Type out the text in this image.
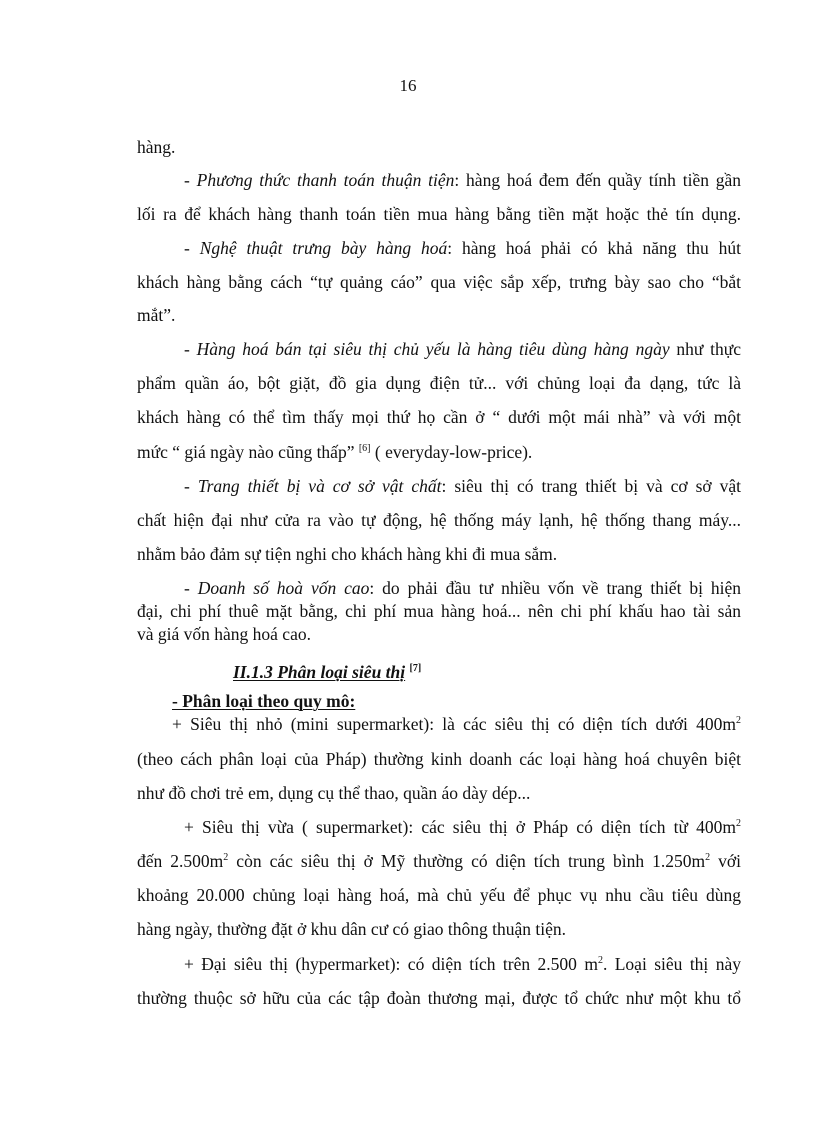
16
hàng.
- Phương thức thanh toán thuận tiện: hàng hoá đem đến quầy tính tiền gần
lối ra để khách hàng thanh toán tiền mua hàng bằng tiền mặt hoặc thẻ tín dụng.
- Nghệ thuật trưng bày hàng hoá: hàng hoá phải có khả năng thu hút
khách hàng bằng cách “tự quảng cáo” qua việc sắp xếp, trưng bày sao cho “bắt
mắt”.
- Hàng hoá bán tại siêu thị chủ yếu là hàng tiêu dùng hàng ngày như thực
phẩm quần áo, bột giặt, đồ gia dụng điện tử... với chủng loại đa dạng, tức là
khách hàng có thể tìm thấy mọi thứ họ cần ở “ dưới một mái nhà” và với một
mức “ giá ngày nào cũng thấp” [6] ( everyday-low-price).
- Trang thiết bị và cơ sở vật chất: siêu thị có trang thiết bị và cơ sở vật
chất hiện đại như cửa ra vào tự động, hệ thống máy lạnh, hệ thống thang máy...
nhằm bảo đảm sự tiện nghi cho khách hàng khi đi mua sắm.
- Doanh số hoà vốn cao: do phải đầu tư nhiều vốn về trang thiết bị hiện
đại, chi phí thuê mặt bằng, chi phí mua hàng hoá... nên chi phí khấu hao tài sản
và giá vốn hàng hoá cao.
II.1.3 Phân loại siêu thị [7]
- Phân loại theo quy mô:
+ Siêu thị nhỏ (mini supermarket): là các siêu thị có diện tích dưới $400m^2$
(theo cách phân loại của Pháp) thường kinh doanh các loại hàng hoá chuyên biệt
như đồ chơi trẻ em, dụng cụ thể thao, quần áo dày dép...
+ Siêu thị vừa ( supermarket): các siêu thị ở Pháp có diện tích từ $400m^2$
đến $2.500m^2$ còn các siêu thị ở Mỹ thường có diện tích trung bình $1.250m^2$ với
khoảng 20.000 chủng loại hàng hoá, mà chủ yếu để phục vụ nhu cầu tiêu dùng
hàng ngày, thường đặt ở khu dân cư có giao thông thuận tiện.
+ Đại siêu thị (hypermarket): có diện tích trên 2.500 $m^2$. Loại siêu thị này
thường thuộc sở hữu của các tập đoàn thương mại, được tổ chức như một khu tổ
